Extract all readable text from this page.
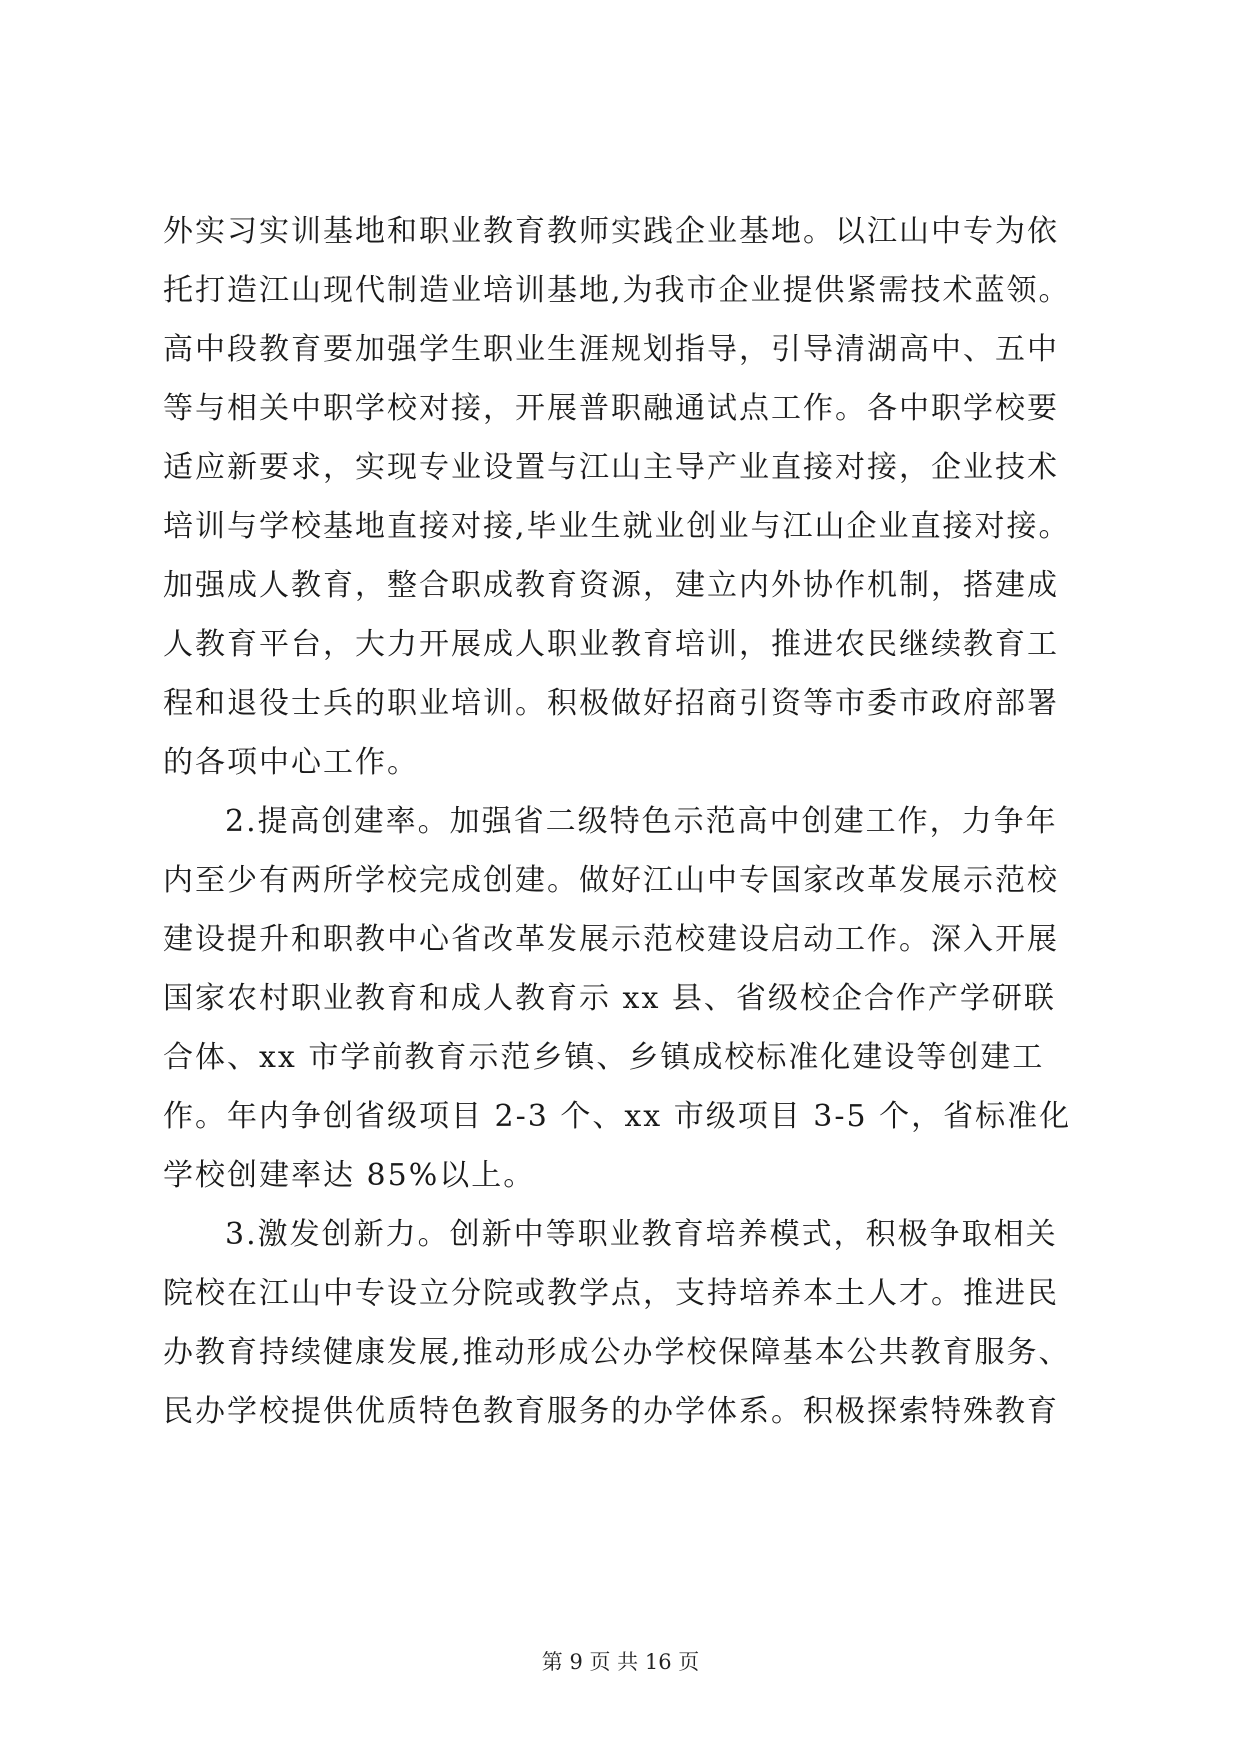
外实习实训基地和职业教育教师实践企业基地。以江山中专为依
托打造江山现代制造业培训基地,为我市企业提供紧需技术蓝领。
高中段教育要加强学生职业生涯规划指导，引导清湖高中、五中
等与相关中职学校对接，开展普职融通试点工作。各中职学校要
适应新要求，实现专业设置与江山主导产业直接对接，企业技术
培训与学校基地直接对接,毕业生就业创业与江山企业直接对接。
加强成人教育，整合职成教育资源，建立内外协作机制，搭建成
人教育平台，大力开展成人职业教育培训，推进农民继续教育工
程和退役士兵的职业培训。积极做好招商引资等市委市政府部署
的各项中心工作。
2.提高创建率。加强省二级特色示范高中创建工作，力争年
内至少有两所学校完成创建。做好江山中专国家改革发展示范校
建设提升和职教中心省改革发展示范校建设启动工作。深入开展
国家农村职业教育和成人教育示 xx 县、省级校企合作产学研联
合体、xx 市学前教育示范乡镇、乡镇成校标准化建设等创建工
作。年内争创省级项目 2-3 个、xx 市级项目 3-5 个，省标准化
学校创建率达 85%以上。
3.激发创新力。创新中等职业教育培养模式，积极争取相关
院校在江山中专设立分院或教学点，支持培养本土人才。推进民
办教育持续健康发展,推动形成公办学校保障基本公共教育服务、
民办学校提供优质特色教育服务的办学体系。积极探索特殊教育
第 9 页 共 16 页
